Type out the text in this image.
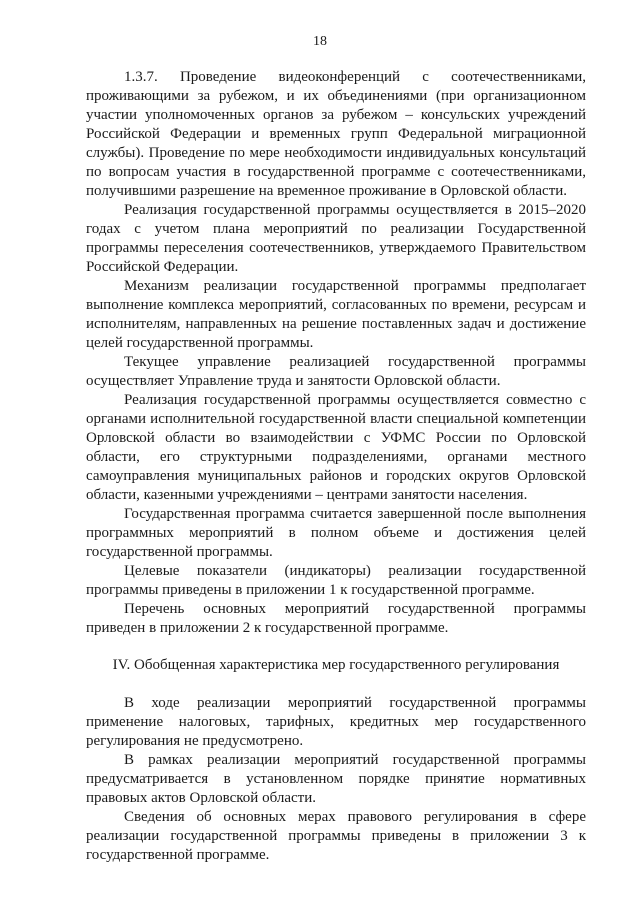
18

1.3.7. Проведение видеоконференций с соотечественниками, проживающими за рубежом, и их объединениями (при организационном участии уполномоченных органов за рубежом – консульских учреждений Российской Федерации и временных групп Федеральной миграционной службы). Проведение по мере необходимости индивидуальных консультаций по вопросам участия в государственной программе с соотечественниками, получившими разрешение на временное проживание в Орловской области.

Реализация государственной программы осуществляется в 2015–2020 годах с учетом плана мероприятий по реализации Государственной программы переселения соотечественников, утверждаемого Правительством Российской Федерации.

Механизм реализации государственной программы предполагает выполнение комплекса мероприятий, согласованных по времени, ресурсам и исполнителям, направленных на решение поставленных задач и достижение целей государственной программы.

Текущее управление реализацией государственной программы осуществляет Управление труда и занятости Орловской области.

Реализация государственной программы осуществляется совместно с органами исполнительной государственной власти специальной компетенции Орловской области во взаимодействии с УФМС России по Орловской области, его структурными подразделениями, органами местного самоуправления муниципальных районов и городских округов Орловской области, казенными учреждениями – центрами занятости населения.

Государственная программа считается завершенной после выполнения программных мероприятий в полном объеме и достижения целей государственной программы.

Целевые показатели (индикаторы) реализации государственной программы приведены в приложении 1 к государственной программе.

Перечень основных мероприятий государственной программы приведен в приложении 2 к государственной программе.

IV. Обобщенная характеристика мер государственного регулирования

В ходе реализации мероприятий государственной программы применение налоговых, тарифных, кредитных мер государственного регулирования не предусмотрено.

В рамках реализации мероприятий государственной программы предусматривается в установленном порядке принятие нормативных правовых актов Орловской области.

Сведения об основных мерах правового регулирования в сфере реализации государственной программы приведены в приложении 3 к государственной программе.
